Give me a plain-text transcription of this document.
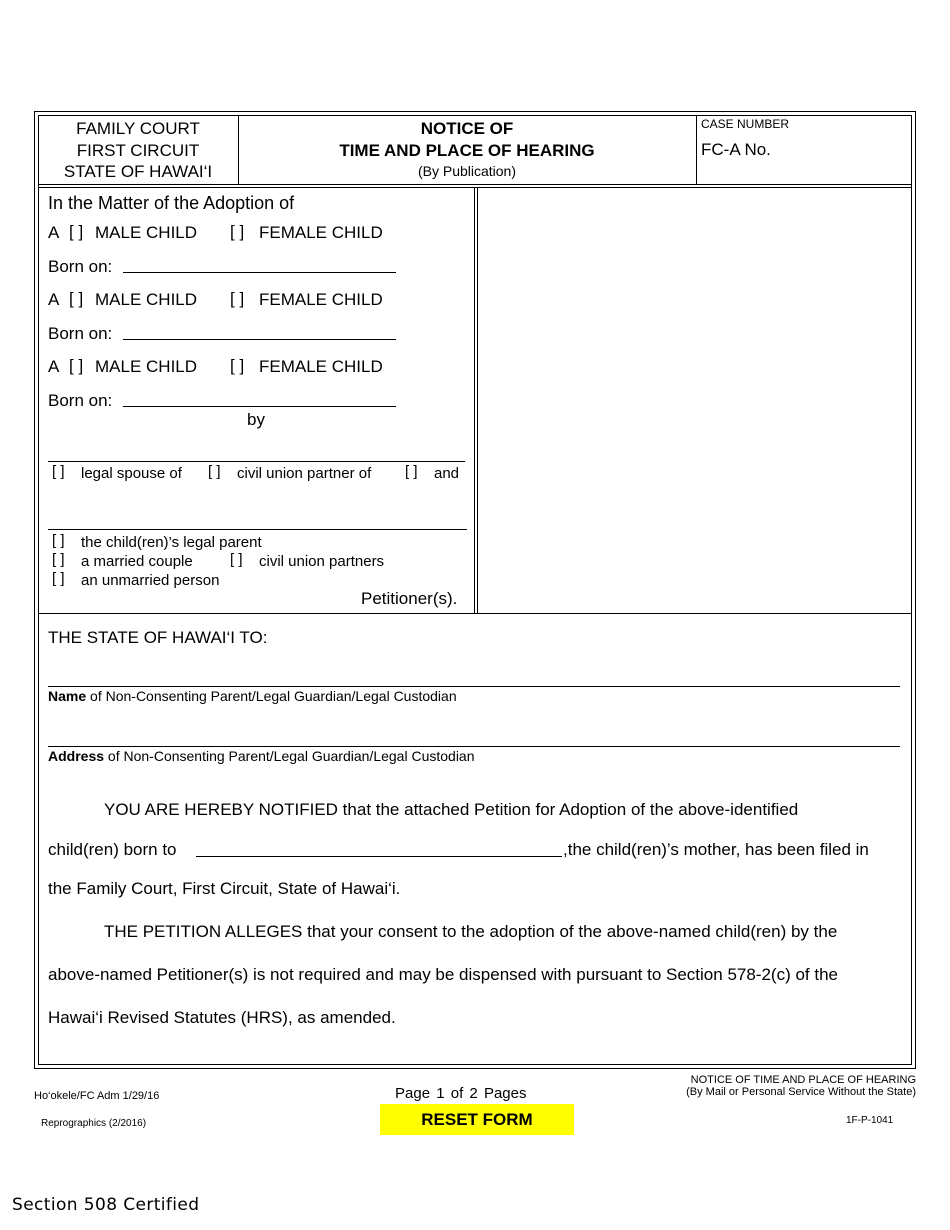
FAMILY COURT
FIRST CIRCUIT
STATE OF HAWAI‘I
NOTICE OF
TIME AND PLACE OF HEARING
(By Publication)
CASE NUMBER
FC-A No.
In the Matter of the Adoption of
A [ ] MALE CHILD [ ] FEMALE CHILD
Born on:
A [ ] MALE CHILD [ ] FEMALE CHILD
Born on:
A [ ] MALE CHILD [ ] FEMALE CHILD
Born on:
by
[ ] legal spouse of [ ] civil union partner of [ ] and
[ ] the child(ren)’s legal parent
[ ] a married couple [ ] civil union partners
[ ] an unmarried person
Petitioner(s).
THE STATE OF HAWAI‘I TO:
Name of Non-Consenting Parent/Legal Guardian/Legal Custodian
Address of Non-Consenting Parent/Legal Guardian/Legal Custodian
YOU ARE HEREBY NOTIFIED that the attached Petition for Adoption of the above-identified
child(ren) born to	,the child(ren)’s mother, has been filed in
the Family Court, First Circuit, State of Hawai‘i.
THE PETITION ALLEGES that your consent to the adoption of the above-named child(ren) by the
above-named Petitioner(s) is not required and may be dispensed with pursuant to Section 578-2(c) of the
Hawai‘i Revised Statutes (HRS), as amended.
Ho‘okele/FC Adm 1/29/16
Reprographics (2/2016)
Page 1 of 2 Pages
RESET FORM
NOTICE OF TIME AND PLACE OF HEARING
(By Mail or Personal Service Without the State)
1F-P-1041
Section 508 Certified
